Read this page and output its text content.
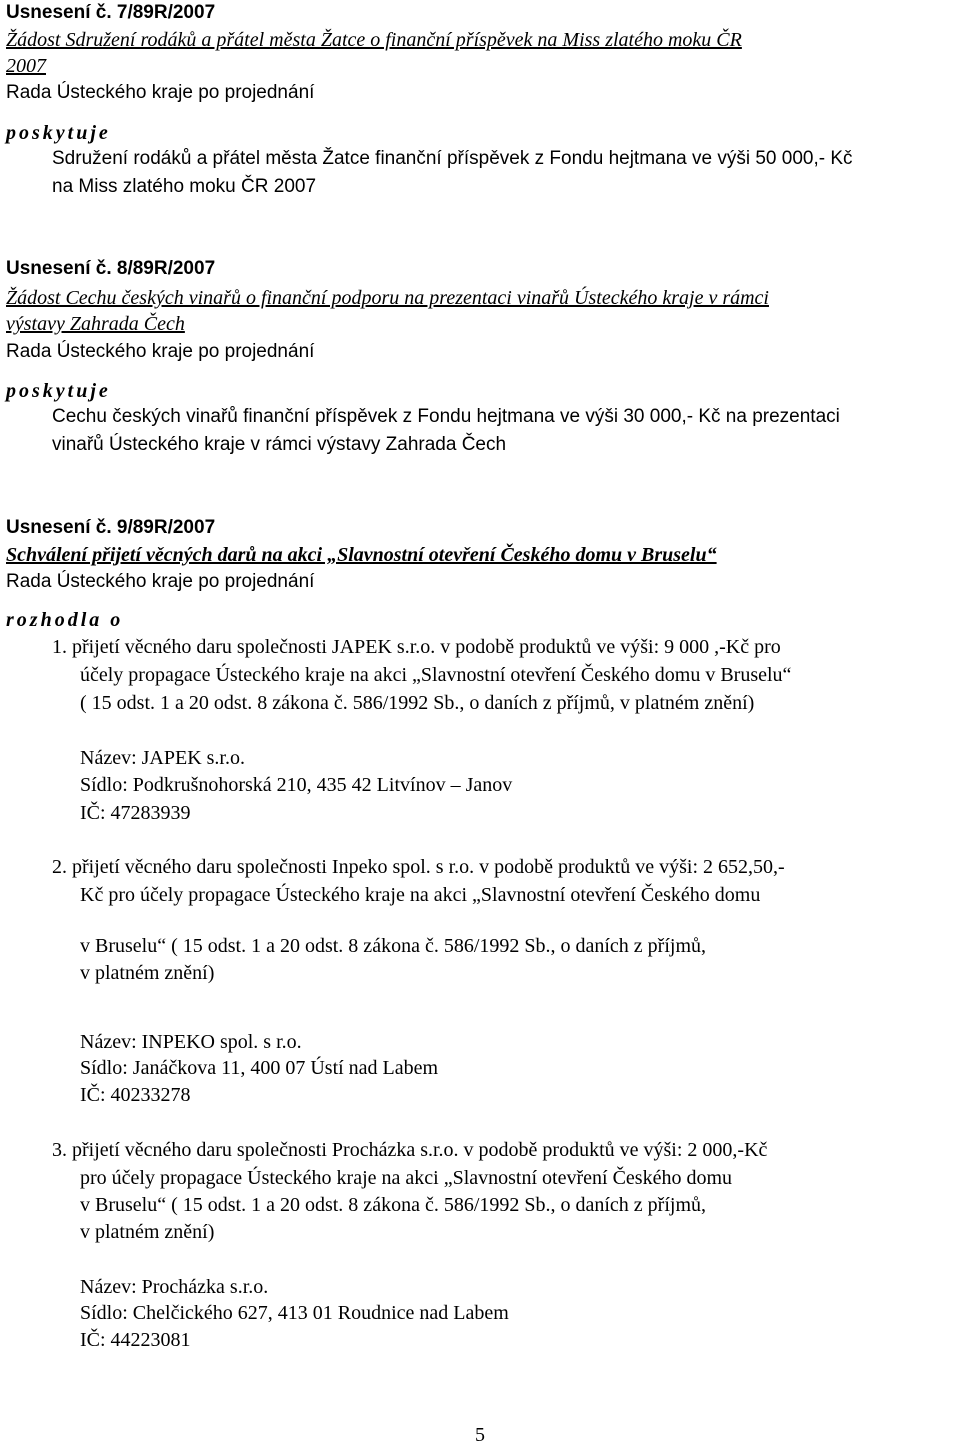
Usnesení č. 7/89R/2007
Žádost Sdružení rodáků a přátel města Žatce o finanční příspěvek na Miss zlatého moku ČR
2007
Rada Ústeckého kraje po projednání
poskytuje
Sdružení rodáků a přátel města Žatce finanční příspěvek z Fondu hejtmana ve výši 50 000,- Kč
na Miss zlatého moku ČR 2007
Usnesení č. 8/89R/2007
Žádost Cechu českých vinařů o finanční podporu na prezentaci vinařů Ústeckého kraje v rámci
výstavy Zahrada Čech
Rada Ústeckého kraje po projednání
poskytuje
Cechu českých vinařů finanční příspěvek z Fondu hejtmana ve výši 30 000,- Kč na prezentaci
vinařů Ústeckého kraje v rámci výstavy Zahrada Čech
Usnesení č. 9/89R/2007
Schválení přijetí věcných darů na akci „Slavnostní otevření Českého domu v Bruselu“
Rada Ústeckého kraje po projednání
rozhodla o
1. přijetí věcného daru společnosti JAPEK s.r.o. v podobě produktů ve výši: 9 000 ,-Kč pro
účely propagace Ústeckého kraje na akci „Slavnostní otevření Českého domu v Bruselu“
( 15 odst. 1 a 20 odst. 8 zákona č. 586/1992 Sb., o daních z příjmů, v platném znění)
Název: JAPEK s.r.o.
Sídlo: Podkrušnohorská 210, 435 42 Litvínov – Janov
IČ: 47283939
2. přijetí věcného daru společnosti Inpeko spol. s r.o. v podobě produktů ve výši: 2 652,50,-
Kč pro účely propagace Ústeckého kraje na akci „Slavnostní otevření Českého domu
v Bruselu“ ( 15 odst. 1 a 20 odst. 8 zákona č. 586/1992 Sb., o daních z příjmů,
v platném znění)
Název: INPEKO spol. s r.o.
Sídlo: Janáčkova 11, 400 07 Ústí nad Labem
IČ: 40233278
3. přijetí věcného daru společnosti Procházka s.r.o. v podobě produktů ve výši: 2 000,-Kč
pro účely propagace Ústeckého kraje na akci „Slavnostní otevření Českého domu
v Bruselu“ ( 15 odst. 1 a 20 odst. 8 zákona č. 586/1992 Sb., o daních z příjmů,
v platném znění)
Název: Procházka s.r.o.
Sídlo: Chelčického 627, 413 01 Roudnice nad Labem
IČ: 44223081
5
